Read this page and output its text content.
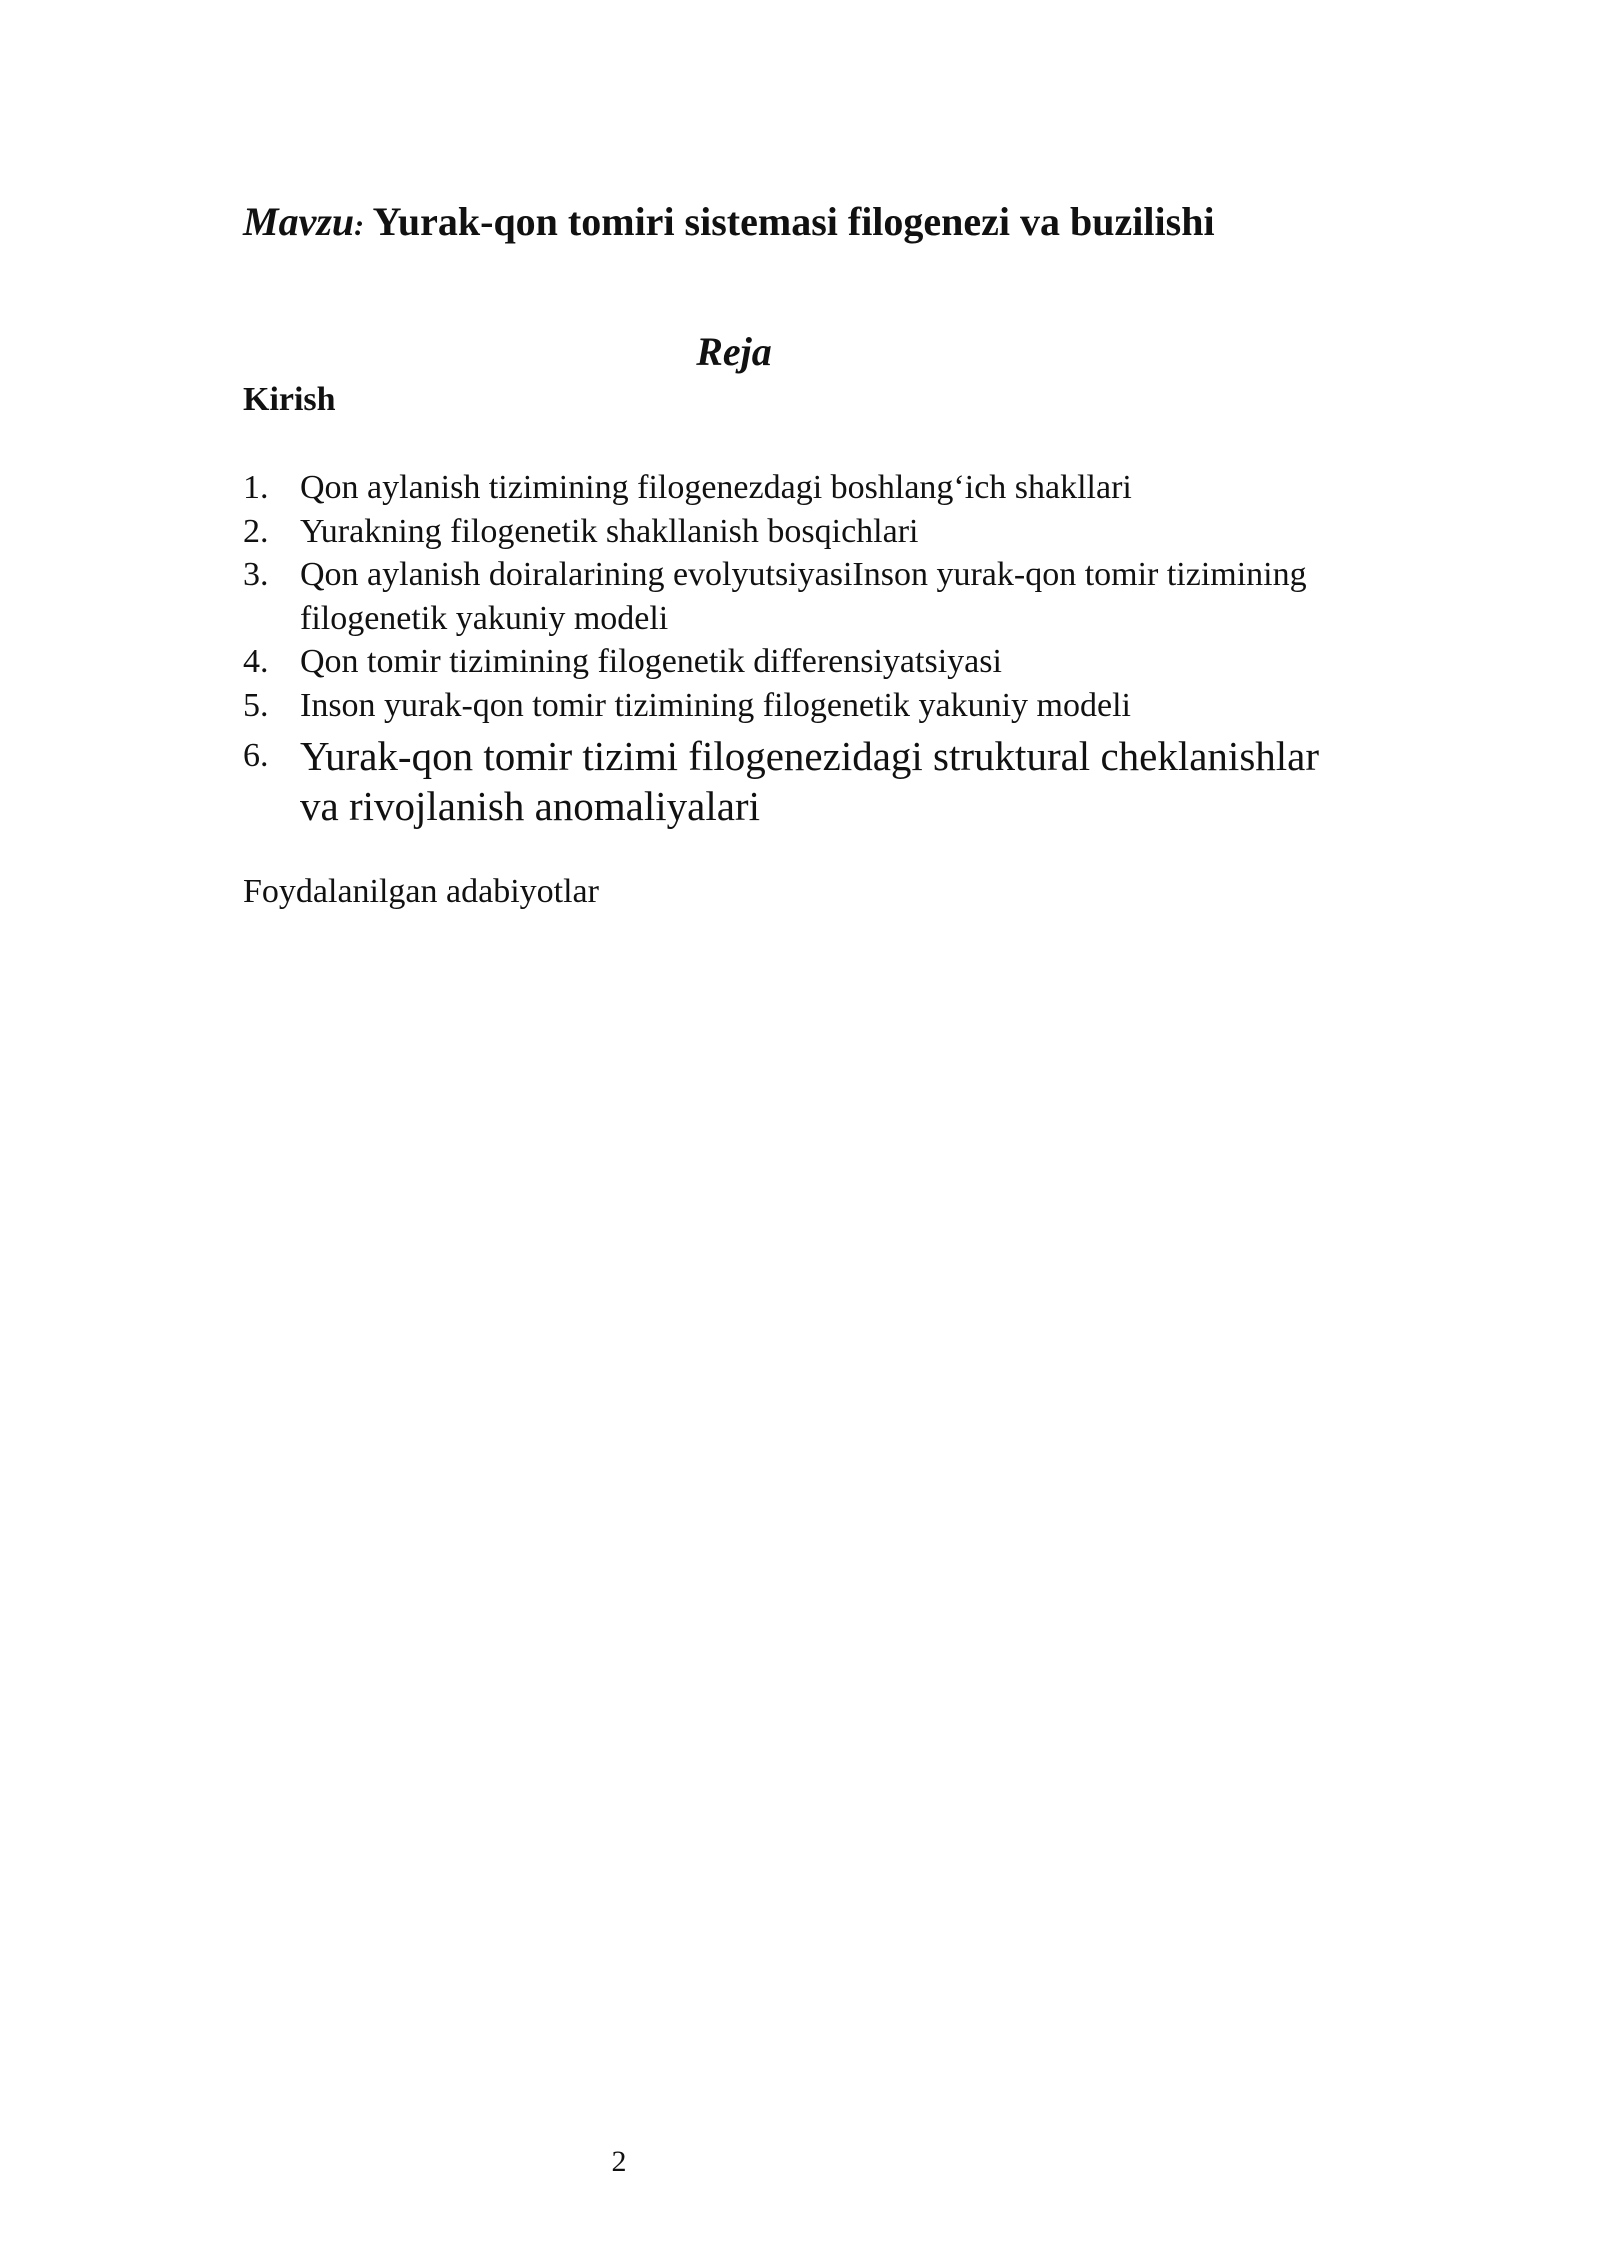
Mavzu: Yurak-qon tomiri sistemasi filogenezi va buzilishi
Reja

Kirish

1. Qon aylanish tizimining filogenezdagi boshlang‘ich shakllari
2. Yurakning filogenetik shakllanish bosqichlari
3. Qon aylanish doiralarining evolyutsiyasiInson yurak-qon tomir tizimining filogenetik yakuniy modeli
4. Qon tomir tizimining filogenetik differensiyatsiyasi
5. Inson yurak-qon tomir tizimining filogenetik yakuniy modeli
6. Yurak-qon tomir tizimi filogenezidagi struktural cheklanishlar va rivojlanish anomaliyalari

Foydalanilgan adabiyotlar

2
